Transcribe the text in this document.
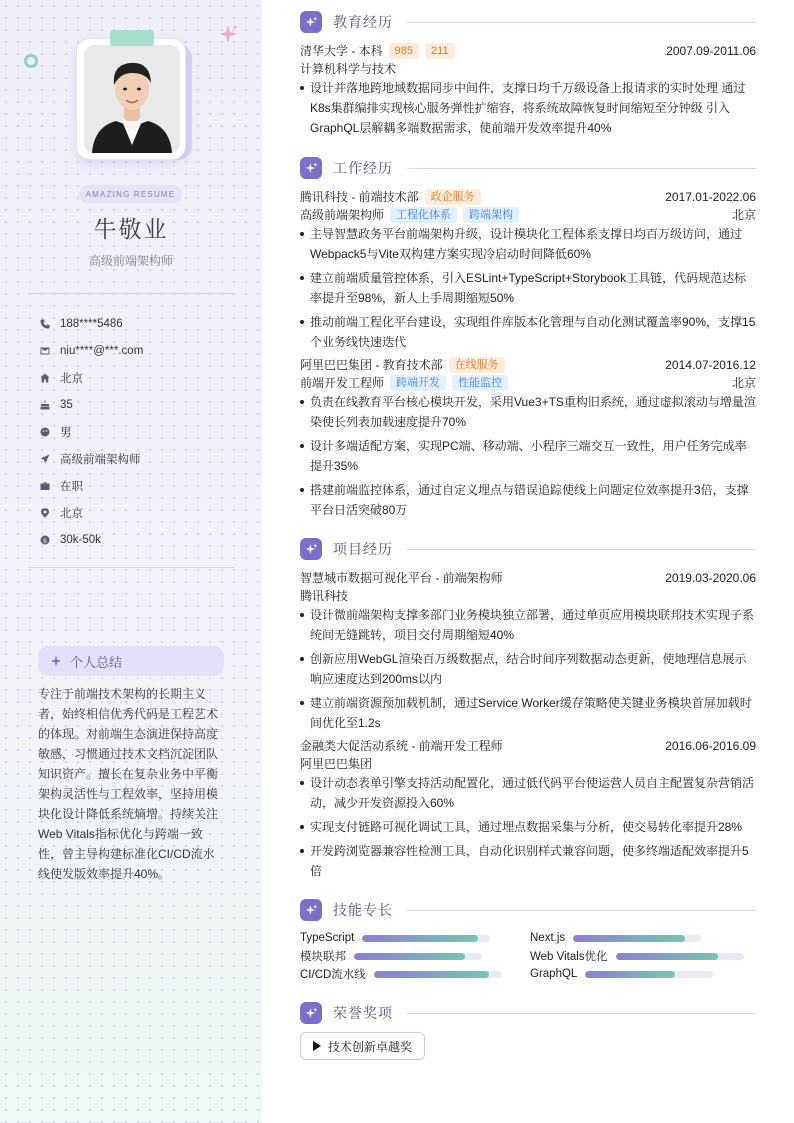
AMAZING RESUME
牛敬业
高级前端架构师
188****5486
niu****@***.com
北京
35
男
高级前端架构师
在职
北京
$ 30k-50k
个人总结
专注于前端技术架构的长期主义者，始终相信优秀代码是工程艺术的体现。对前端生态演进保持高度敏感，习惯通过技术文档沉淀团队知识资产。擅长在复杂业务中平衡架构灵活性与工程效率，坚持用模块化设计降低系统熵增。持续关注Web Vitals指标优化与跨端一致性，曾主导构建标准化CI/CD流水线使发版效率提升40%。
教育经历
清华大学 - 本科	985	211	2007.09-2011.06
计算机科学与技术
设计并落地跨地域数据同步中间件，支撑日均千万级设备上报请求的实时处理 通过K8s集群编排实现核心服务弹性扩缩容，将系统故障恢复时间缩短至分钟级 引入GraphQL层解耦多端数据需求，使前端开发效率提升40%
工作经历
腾讯科技 - 前端技术部	政企服务	2017.01-2022.06
高级前端架构师	工程化体系	跨端架构	北京
主导智慧政务平台前端架构升级，设计模块化工程体系支撑日均百万级访问，通过Webpack5与Vite双构建方案实现冷启动时间降低60%
建立前端质量管控体系，引入ESLint+TypeScript+Storybook工具链，代码规范达标率提升至98%，新人上手周期缩短50%
推动前端工程化平台建设，实现组件库版本化管理与自动化测试覆盖率90%，支撑15个业务线快速迭代
阿里巴巴集团 - 教育技术部	在线服务	2014.07-2016.12
前端开发工程师	跨端开发	性能监控	北京
负责在线教育平台核心模块开发，采用Vue3+TS重构旧系统，通过虚拟滚动与增量渲染使长列表加载速度提升70%
设计多端适配方案，实现PC端、移动端、小程序三端交互一致性，用户任务完成率提升35%
搭建前端监控体系，通过自定义埋点与错误追踪使线上问题定位效率提升3倍，支撑平台日活突破80万
项目经历
智慧城市数据可视化平台 - 前端架构师	2019.03-2020.06
腾讯科技
设计微前端架构支撑多部门业务模块独立部署，通过单页应用模块联邦技术实现子系统间无缝跳转，项目交付周期缩短40%
创新应用WebGL渲染百万级数据点，结合时间序列数据动态更新，使地理信息展示响应速度达到200ms以内
建立前端资源预加载机制，通过Service Worker缓存策略使关键业务模块首屏加载时间优化至1.2s
金融类大促活动系统 - 前端开发工程师	2016.06-2016.09
阿里巴巴集团
设计动态表单引擎支持活动配置化，通过低代码平台使运营人员自主配置复杂营销活动，减少开发资源投入60%
实现支付链路可视化调试工具，通过埋点数据采集与分析，使交易转化率提升28%
开发跨浏览器兼容性检测工具，自动化识别样式兼容问题，使多终端适配效率提升5倍
技能专长
TypeScript	Next.js
模块联邦	Web Vitals优化
CI/CD流水线	GraphQL
荣誉奖项
技术创新卓越奖
